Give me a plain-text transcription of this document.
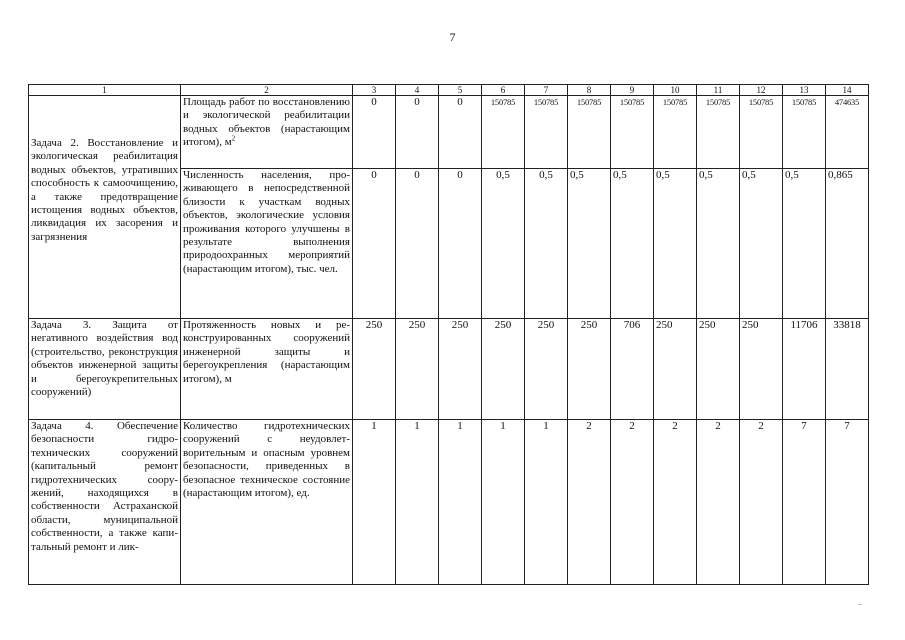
7
1	2	3	4	5	6	7	8	9	10	11	12	13	14
Задача 2. Восстановление и экологическая реабилитация водных объектов, утративших способность к самоочищению, а также предотвращение истощения водных объектов, ликвидация их засорения и загрязнения	Площадь работ по восстановлению и экологической реабилитации водных объектов (нарастающим итогом), $м^2$	0	0	0	150785	150785	150785	150785	150785	150785	150785	150785	474635
	Численность населения, проживающего в непосредственной близости к участкам водных объектов, экологические условия проживания которого улучшены в результате выполнения природоохранных мероприятий (нарастающим итогом), тыс. чел.	0	0	0	0,5	0,5	0,5	0,5	0,5	0,5	0,5	0,5	0,865
Задача 3. Защита от негативного воздействия вод (строительство, реконструкция объектов инженерной защиты и берегоукрепительных сооружений)	Протяженность новых и реконструированных сооружений инженерной защиты и берегоукрепления (нарастающим итогом), м	250	250	250	250	250	250	706	250	250	250	11706	33818
Задача 4. Обеспечение безопасности гидротехнических сооружений (капитальный ремонт гидротехнических сооружений, находящихся в собственности Астраханской области, муниципальной собственности, а также капитальный ремонт и лик-	Количество гидротехнических сооружений с неудовлетворительным и опасным уровнем безопасности, приведенных в безопасное техническое состояние (нарастающим итогом), ед.	1	1	1	1	1	2	2	2	2	2	7	7
